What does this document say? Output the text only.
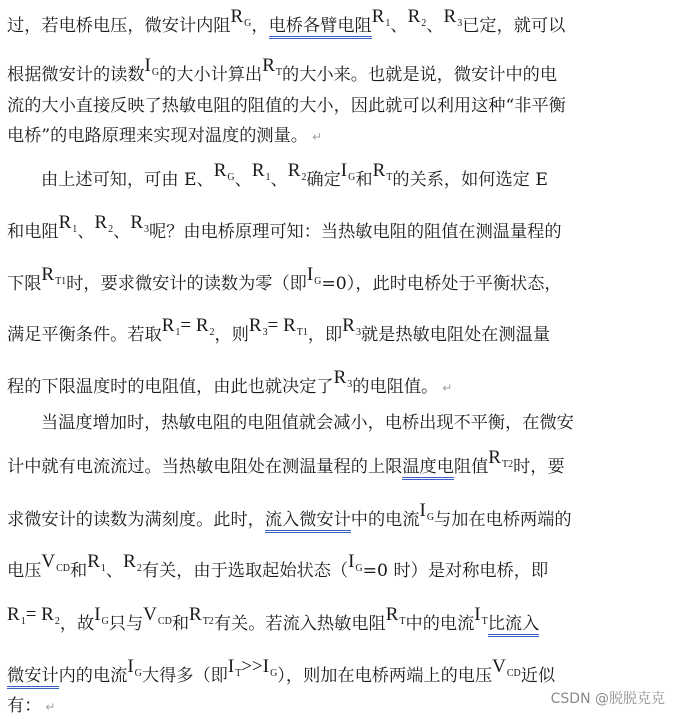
过，若电桥电压，微安计内阻$R_G$，电桥各臂电阻$R_1$、$R_2$、$R_3$已定，就可以
根据微安计的读数$I_G$的大小计算出$R_T$的大小来。也就是说，微安计中的电
流的大小直接反映了热敏电阻的阻值的大小，因此就可以利用这种“非平衡
电桥”的电路原理来实现对温度的测量。 ↵
由上述可知，可由 E、$R_G$、$R_1$、$R_2$确定$I_G$和$R_T$的关系，如何选定 E
和电阻$R_1$、$R_2$、$R_3$呢？由电桥原理可知：当热敏电阻的阻值在测温量程的
下限$R_{T1}$时，要求微安计的读数为零（即$I_G=0$），此时电桥处于平衡状态，
满足平衡条件。若取$R_1= R_2$，则$R_3= R_{T1}$，即$R_3$就是热敏电阻处在测温量
程的下限温度时的电阻值，由此也就决定了$R_3$的电阻值。 ↵
当温度增加时，热敏电阻的电阻值就会减小，电桥出现不平衡，在微安
计中就有电流流过。当热敏电阻处在测温量程的上限温度电阻值$R_{T2}$时，要
求微安计的读数为满刻度。此时，流入微安计中的电流$I_G$与加在电桥两端的
电压$V_{CD}$和$R_1$、$R_2$有关，由于选取起始状态（$I_G=0$ 时）是对称电桥，即
$R_1= R_2$，故$I_G$只与$V_{CD}$和$R_{T2}$有关。若流入热敏电阻$R_T$中的电流$I_T$比流入
微安计内的电流$I_G$大得多（即$I_T>>I_G$），则加在电桥两端上的电压$V_{CD}$近似
有： ↵	CSDN @脱脱克克
